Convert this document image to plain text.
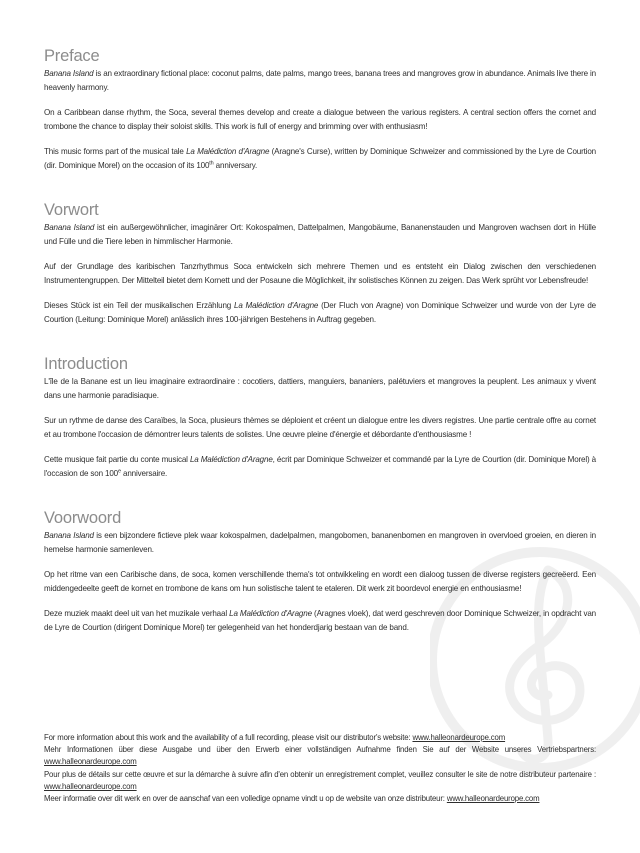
Preface

Banana Island is an extraordinary fictional place: coconut palms, date palms, mango trees, banana trees and mangroves grow in abundance. Animals live there in heavenly harmony.

On a Caribbean danse rhythm, the Soca, several themes develop and create a dialogue between the various registers. A central section offers the cornet and trombone the chance to display their soloist skills. This work is full of energy and brimming over with enthusiasm!

This music forms part of the musical tale La Malédiction d'Aragne (Aragne's Curse), written by Dominique Schweizer and commissioned by the Lyre de Courtion (dir. Dominique Morel) on the occasion of its 100th anniversary.

Vorwort

Banana Island ist ein außergewöhnlicher, imaginärer Ort: Kokospalmen, Dattelpalmen, Mangobäume, Bananenstauden und Mangroven wachsen dort in Hülle und Fülle und die Tiere leben in himmlischer Harmonie.

Auf der Grundlage des karibischen Tanzrhythmus Soca entwickeln sich mehrere Themen und es entsteht ein Dialog zwischen den verschiedenen Instrumentengruppen. Der Mittelteil bietet dem Kornett und der Posaune die Möglichkeit, ihr solistisches Können zu zeigen. Das Werk sprüht vor Lebensfreude!

Dieses Stück ist ein Teil der musikalischen Erzählung La Malédiction d'Aragne (Der Fluch von Aragne) von Dominique Schweizer und wurde von der Lyre de Courtion (Leitung: Dominique Morel) anlässlich ihres 100-jährigen Bestehens in Auftrag gegeben.

Introduction

L'île de la Banane est un lieu imaginaire extraordinaire : cocotiers, dattiers, manguiers, bananiers, palétuviers et mangroves la peuplent. Les animaux y vivent dans une harmonie paradisiaque.

Sur un rythme de danse des Caraïbes, la Soca, plusieurs thèmes se déploient et créent un dialogue entre les divers registres. Une partie centrale offre au cornet et au trombone l'occasion de démontrer leurs talents de solistes. Une œuvre pleine d'énergie et débordante d'enthousiasme !

Cette musique fait partie du conte musical La Malédiction d'Aragne, écrit par Dominique Schweizer et commandé par la Lyre de Courtion (dir. Dominique Morel) à l'occasion de son 100e anniversaire.

Voorwoord

Banana Island is een bijzondere fictieve plek waar kokospalmen, dadelpalmen, mangobomen, bananenbomen en mangroven in overvloed groeien, en dieren in hemelse harmonie samenleven.

Op het ritme van een Caribische dans, de soca, komen verschillende thema's tot ontwikkeling en wordt een dialoog tussen de diverse registers gecreëerd. Een middengedeelte geeft de kornet en trombone de kans om hun solistische talent te etaleren. Dit werk zit boordevol energie en enthousiasme!

Deze muziek maakt deel uit van het muzikale verhaal La Malédiction d'Aragne (Aragnes vloek), dat werd geschreven door Dominique Schweizer, in opdracht van de Lyre de Courtion (dirigent Dominique Morel) ter gelegenheid van het honderdjarig bestaan van de band.

For more information about this work and the availability of a full recording, please visit our distributor's website: www.halleonardeurope.com
Mehr Informationen über diese Ausgabe und über den Erwerb einer vollständigen Aufnahme finden Sie auf der Website unseres Vertriebspartners: www.halleonardeurope.com
Pour plus de détails sur cette œuvre et sur la démarche à suivre afin d'en obtenir un enregistrement complet, veuillez consulter le site de notre distributeur partenaire : www.halleonardeurope.com
Meer informatie over dit werk en over de aanschaf van een volledige opname vindt u op de website van onze distributeur: www.halleonardeurope.com
